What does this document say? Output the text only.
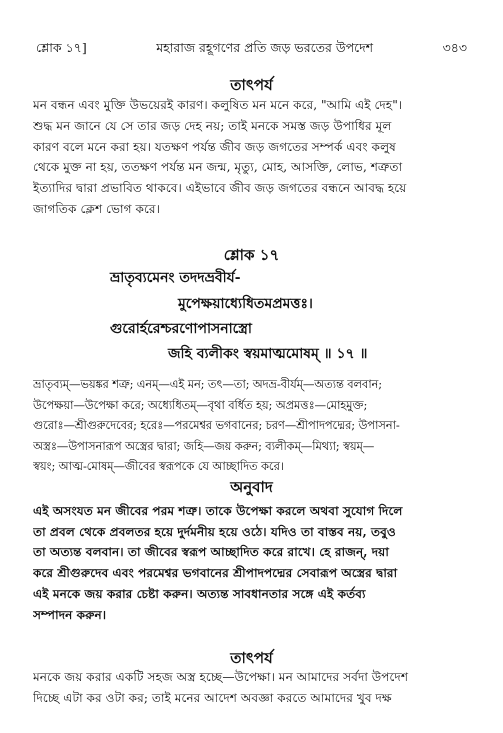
শ্লোক ১৭]	মহারাজ রহূগণের প্রতি জড় ভরতের উপদেশ	৩৪৩
তাৎপর্য

মন বন্ধন এবং মুক্তি উভয়েরই কারণ। কলুষিত মন মনে করে, "আমি এই দেহ"।
শুদ্ধ মন জানে যে সে তার জড় দেহ নয়; তাই মনকে সমস্ত জড় উপাধির মূল
কারণ বলে মনে করা হয়। যতক্ষণ পর্যন্ত জীব জড় জগতের সম্পর্ক এবং কলুষ
থেকে মুক্ত না হয়, ততক্ষণ পর্যন্ত মন জন্ম, মৃত্যু, মোহ, আসক্তি, লোভ, শত্রুতা
ইত্যাদির দ্বারা প্রভাবিত থাকবে। এইভাবে জীব জড় জগতের বন্ধনে আবদ্ধ হয়ে
জাগতিক ক্লেশ ভোগ করে।

শ্লোক ১৭
ভ্রাতৃব্যমেনং তদদভ্রবীর্য-
মুপেক্ষয়াধ্যেধিতমপ্রমত্তঃ।
গুরোর্হরেশ্চরণোপাসনাস্ত্রো
জহি ব্যলীকং স্বয়মাত্মমোষম্ ॥ ১৭ ॥

ভ্রাতৃব্যম্—ভয়ঙ্কর শত্রু; এনম্—এই মন; তৎ—তা; অদভ্র-বীর্যম্—অত্যন্ত বলবান;
উপেক্ষয়া—উপেক্ষা করে; অধ্যেধিতম্—বৃথা বর্ধিত হয়; অপ্রমত্তঃ—মোহমুক্ত;
গুরোঃ—শ্রীগুরুদেবের; হরেঃ—পরমেশ্বর ভগবানের; চরণ—শ্রীপাদপদ্মের; উপাসনা-
অস্ত্রঃ—উপাসনারূপ অস্ত্রের দ্বারা; জহি—জয় করুন; ব্যলীকম্—মিথ্যা; স্বয়ম্—
স্বয়ং; আত্ম-মোষম্—জীবের স্বরূপকে যে আচ্ছাদিত করে।

অনুবাদ

এই অসংযত মন জীবের পরম শত্রু। তাকে উপেক্ষা করলে অথবা সুযোগ দিলে
তা প্রবল থেকে প্রবলতর হয়ে দুর্দমনীয় হয়ে ওঠে। যদিও তা বাস্তব নয়, তবুও
তা অত্যন্ত বলবান। তা জীবের স্বরূপ আচ্ছাদিত করে রাখে। হে রাজন্, দয়া
করে শ্রীগুরুদেব এবং পরমেশ্বর ভগবানের শ্রীপাদপদ্মের সেবারূপ অস্ত্রের দ্বারা
এই মনকে জয় করার চেষ্টা করুন। অত্যন্ত সাবধানতার সঙ্গে এই কর্তব্য
সম্পাদন করুন।

তাৎপর্য

মনকে জয় করার একটি সহজ অস্ত্র হচ্ছে—উপেক্ষা। মন আমাদের সর্বদা উপদেশ
দিচ্ছে এটা কর ওটা কর; তাই মনের আদেশ অবজ্ঞা করতে আমাদের খুব দক্ষ
